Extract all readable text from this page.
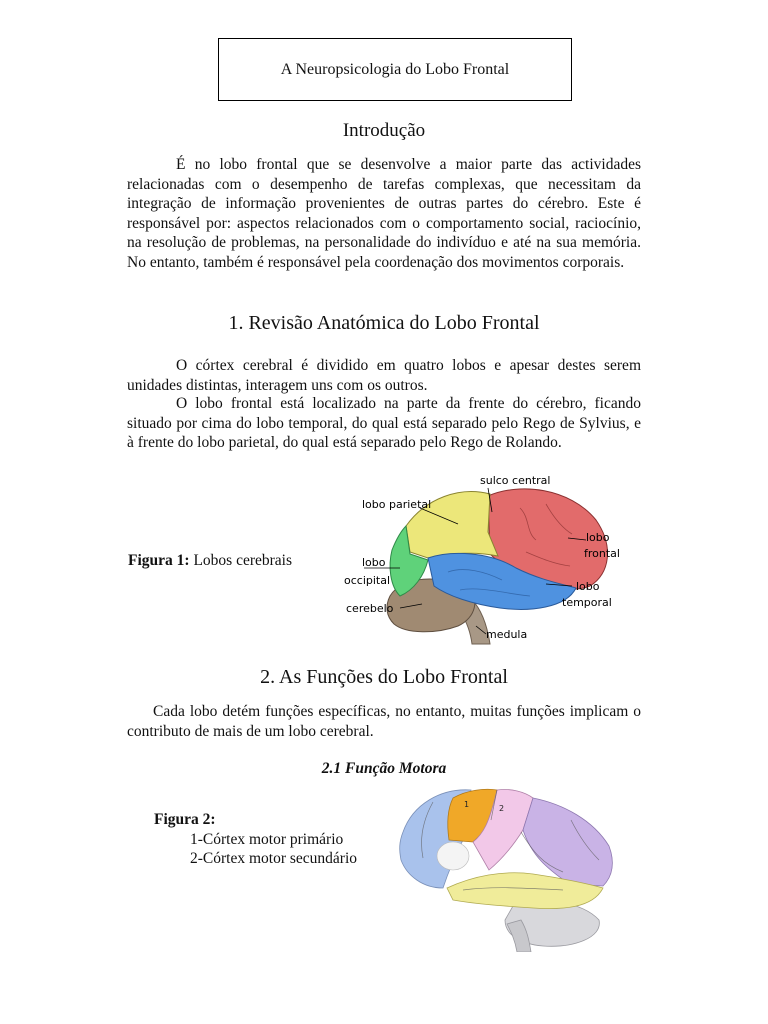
A Neuropsicologia do Lobo Frontal
Introdução

É no lobo frontal que se desenvolve a maior parte das actividades relacionadas com o desempenho de tarefas complexas, que necessitam da integração de informação provenientes de outras partes do cérebro. Este é responsável por: aspectos relacionados com o comportamento social, raciocínio, na resolução de problemas, na personalidade do indivíduo e até na sua memória. No entanto, também é responsável pela coordenação dos movimentos corporais.

1. Revisão Anatómica do Lobo Frontal

O córtex cerebral é dividido em quatro lobos e apesar destes serem unidades distintas, interagem uns com os outros.

O lobo frontal está localizado na parte da frente do cérebro, ficando situado por cima do lobo temporal, do qual está separado pelo Rego de Sylvius, e à frente do lobo parietal, do qual está separado pelo Rego de Rolando.

Figura 1: Lobos cerebrais
sulco central
lobo parietal
lobo
frontal
lobo
occipital	lobo
temporal
cerebelo
medula
2. As Funções do Lobo Frontal

Cada lobo detém funções específicas, no entanto, muitas funções implicam o contributo de mais de um lobo cerebral.

2.1 Função Motora
Figura 2:
1-Córtex motor primário
2-Córtex motor secundário
1	2
